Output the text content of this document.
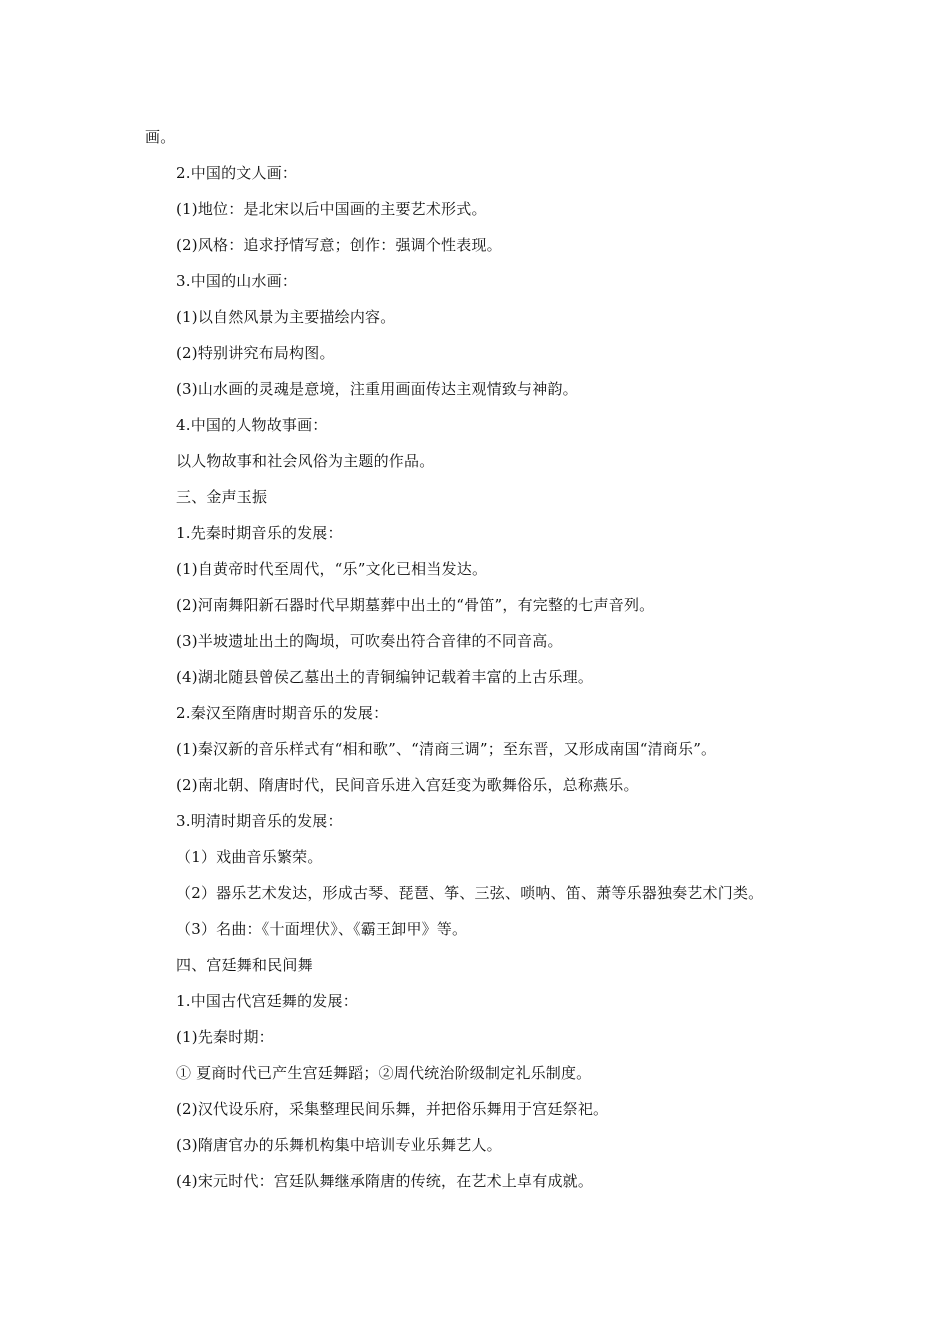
画。
2.中国的文人画：
(1)地位：是北宋以后中国画的主要艺术形式。
(2)风格：追求抒情写意；创作：强调个性表现。
3.中国的山水画：
(1)以自然风景为主要描绘内容。
(2)特别讲究布局构图。
(3)山水画的灵魂是意境，注重用画面传达主观情致与神韵。
4.中国的人物故事画：
以人物故事和社会风俗为主题的作品。
三、金声玉振
1.先秦时期音乐的发展：
(1)自黄帝时代至周代，“乐”文化已相当发达。
(2)河南舞阳新石器时代早期墓葬中出土的“骨笛”，有完整的七声音列。
(3)半坡遗址出土的陶埙，可吹奏出符合音律的不同音高。
(4)湖北随县曾侯乙墓出土的青铜编钟记载着丰富的上古乐理。
2.秦汉至隋唐时期音乐的发展：
(1)秦汉新的音乐样式有“相和歌”、“清商三调”；至东晋，又形成南国“清商乐”。
(2)南北朝、隋唐时代，民间音乐进入宫廷变为歌舞俗乐，总称燕乐。
3.明清时期音乐的发展：
（1）戏曲音乐繁荣。
（2）器乐艺术发达，形成古琴、琵琶、筝、三弦、唢呐、笛、萧等乐器独奏艺术门类。
（3）名曲：《十面埋伏》、《霸王卸甲》等。
四、宫廷舞和民间舞
1.中国古代宫廷舞的发展：
(1)先秦时期：
① 夏商时代已产生宫廷舞蹈；②周代统治阶级制定礼乐制度。
(2)汉代设乐府，采集整理民间乐舞，并把俗乐舞用于宫廷祭祀。
(3)隋唐官办的乐舞机构集中培训专业乐舞艺人。
(4)宋元时代：宫廷队舞继承隋唐的传统，在艺术上卓有成就。
